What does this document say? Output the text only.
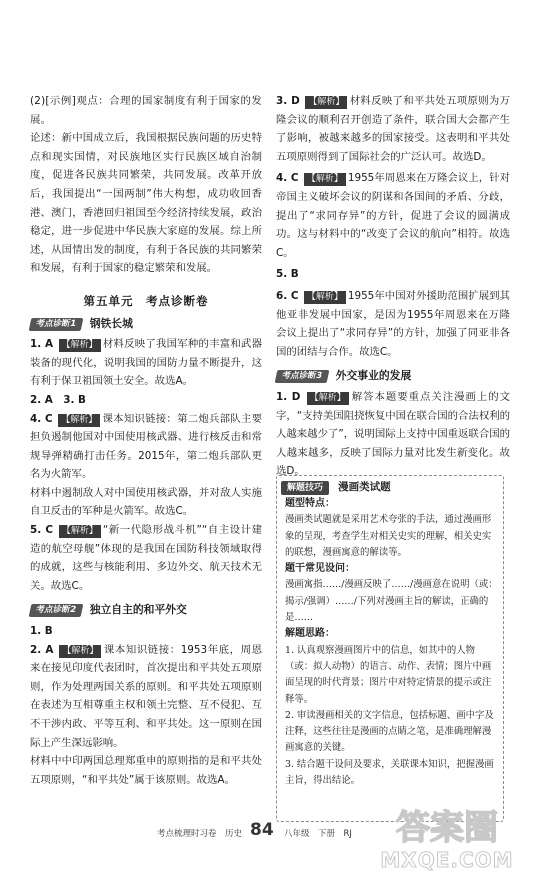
(2)[示例]观点：合理的国家制度有利于国家的发展。

论述：新中国成立后，我国根据民族问题的历史特点和现实国情，对民族地区实行民族区域自治制度，促进各民族共同繁荣，共同发展。改革开放后，我国提出“一国两制”伟大构想，成功收回香港、澳门，香港回归祖国至今经济持续发展，政治稳定，进一步促进中华民族大家庭的发展。综上所述，从国情出发的制度，有利于各民族的共同繁荣和发展，有利于国家的稳定繁荣和发展。

第五单元　考点诊断卷
考点诊断1 钢铁长城

1. A 【解析】 材料反映了我国军种的丰富和武器装备的现代化，说明我国的国防力量不断提升，这有利于保卫祖国领土安全。故选A。

2. A　3. B

4. C 【解析】 课本知识链接：第二炮兵部队主要担负遏制他国对中国使用核武器、进行核反击和常规导弹精确打击任务。2015年，第二炮兵部队更名为火箭军。

材料中遏制敌人对中国使用核武器，并对敌人实施自卫反击的军种是火箭军。故选C。

5. C 【解析】 “新一代隐形战斗机”“自主设计建造的航空母舰”体现的是我国在国防科技领域取得的成就，这些与核能利用、多边外交、航天技术无关。故选C。

考点诊断2 独立自主的和平外交

1. B

2. A 【解析】 课本知识链接：1953年底，周恩来在接见印度代表团时，首次提出和平共处五项原则，作为处理两国关系的原则。和平共处五项原则在表述为互相尊重主权和领土完整、互不侵犯、互不干涉内政、平等互利、和平共处。这一原则在国际上产生深远影响。

材料中中印两国总理郑重申的原则指的是和平共处五项原则，“和平共处”属于该原则。故选A。

3. D 【解析】 材料反映了和平共处五项原则为万隆会议的顺利召开创造了条件，联合国大会都产生了影响，被越来越多的国家接受。这表明和平共处五项原则得到了国际社会的广泛认可。故选D。

4. C 【解析】 1955年周恩来在万隆会议上，针对帝国主义破坏会议的阴谋和各国间的矛盾、分歧，提出了“求同存异”的方针，促进了会议的圆满成功。这与材料中的“改变了会议的航向”相符。故选C。

5. B

6. C 【解析】 1955年中国对外援助范围扩展到其他亚非发展中国家，是因为1955年周恩来在万隆会议上提出了“求同存异”的方针，加强了同亚非各国的团结与合作。故选C。

考点诊断3 外交事业的发展

1. D 【解析】 解答本题要重点关注漫画上的文字，“支持美国阻挠恢复中国在联合国的合法权利的人越来越少了”，说明国际上支持中国重返联合国的人越来越多，反映了国际力量对比发生新变化。故选D。

解题技巧 漫画类试题
题型特点：
漫画类试题就是采用艺术夸张的手法，通过漫画形象的呈现，考查学生对相关史实的理解，相关史实的联想，漫画寓意的解读等。
题干常见设问：
漫画寓指……/漫画反映了……/漫画意在说明（或：揭示/强调）……/下列对漫画主旨的解读，正确的是……
解题思路：
1. 认真观察漫画图片中的信息，如其中的人物（或：拟人动物）的语言、动作、表情；图片中画面呈现的时代背景；图片中对特定情景的提示或注释等。
2. 审读漫画相关的文字信息，包括标题、画中字及注释，这些往往是漫画的点睛之笔，是准确理解漫画寓意的关键。
3. 结合题干设问及要求，关联课本知识，把握漫画主旨，得出结论。
考点梳理时习卷　历史 84 八年级　下册　RJ	答案圈
MXQE.COM
